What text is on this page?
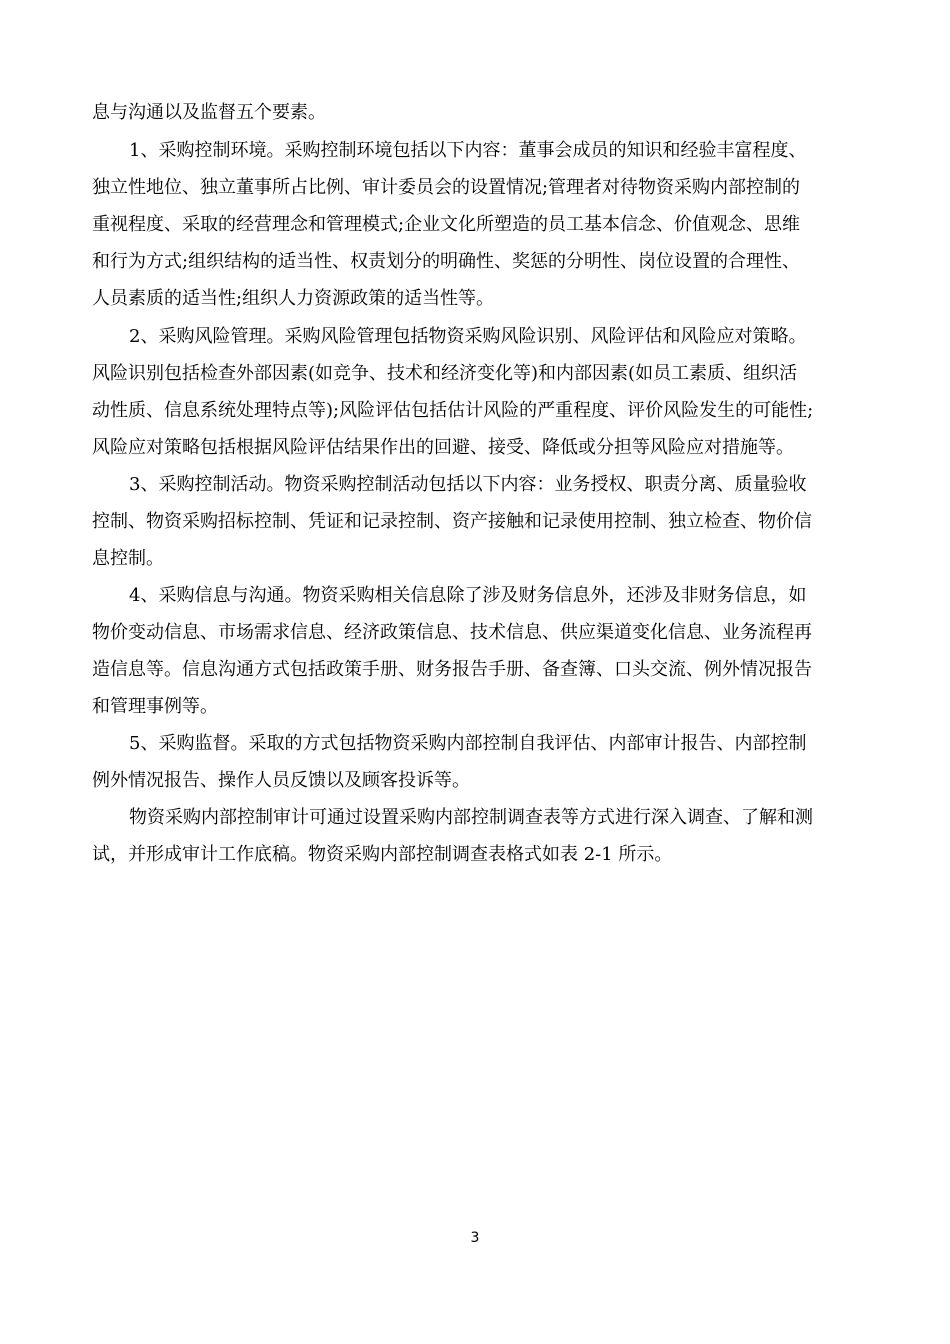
息与沟通以及监督五个要素。
1、采购控制环境。采购控制环境包括以下内容：董事会成员的知识和经验丰富程度、
独立性地位、独立董事所占比例、审计委员会的设置情况;管理者对待物资采购内部控制的
重视程度、采取的经营理念和管理模式;企业文化所塑造的员工基本信念、价值观念、思维
和行为方式;组织结构的适当性、权责划分的明确性、奖惩的分明性、岗位设置的合理性、
人员素质的适当性;组织人力资源政策的适当性等。
2、采购风险管理。采购风险管理包括物资采购风险识别、风险评估和风险应对策略。
风险识别包括检查外部因素(如竞争、技术和经济变化等)和内部因素(如员工素质、组织活
动性质、信息系统处理特点等);风险评估包括估计风险的严重程度、评价风险发生的可能性;
风险应对策略包括根据风险评估结果作出的回避、接受、降低或分担等风险应对措施等。
3、采购控制活动。物资采购控制活动包括以下内容：业务授权、职责分离、质量验收
控制、物资采购招标控制、凭证和记录控制、资产接触和记录使用控制、独立检查、物价信
息控制。
4、采购信息与沟通。物资采购相关信息除了涉及财务信息外，还涉及非财务信息，如
物价变动信息、市场需求信息、经济政策信息、技术信息、供应渠道变化信息、业务流程再
造信息等。信息沟通方式包括政策手册、财务报告手册、备查簿、口头交流、例外情况报告
和管理事例等。
5、采购监督。采取的方式包括物资采购内部控制自我评估、内部审计报告、内部控制
例外情况报告、操作人员反馈以及顾客投诉等。
物资采购内部控制审计可通过设置采购内部控制调查表等方式进行深入调查、了解和测
试，并形成审计工作底稿。物资采购内部控制调查表格式如表 2-1 所示。
3
